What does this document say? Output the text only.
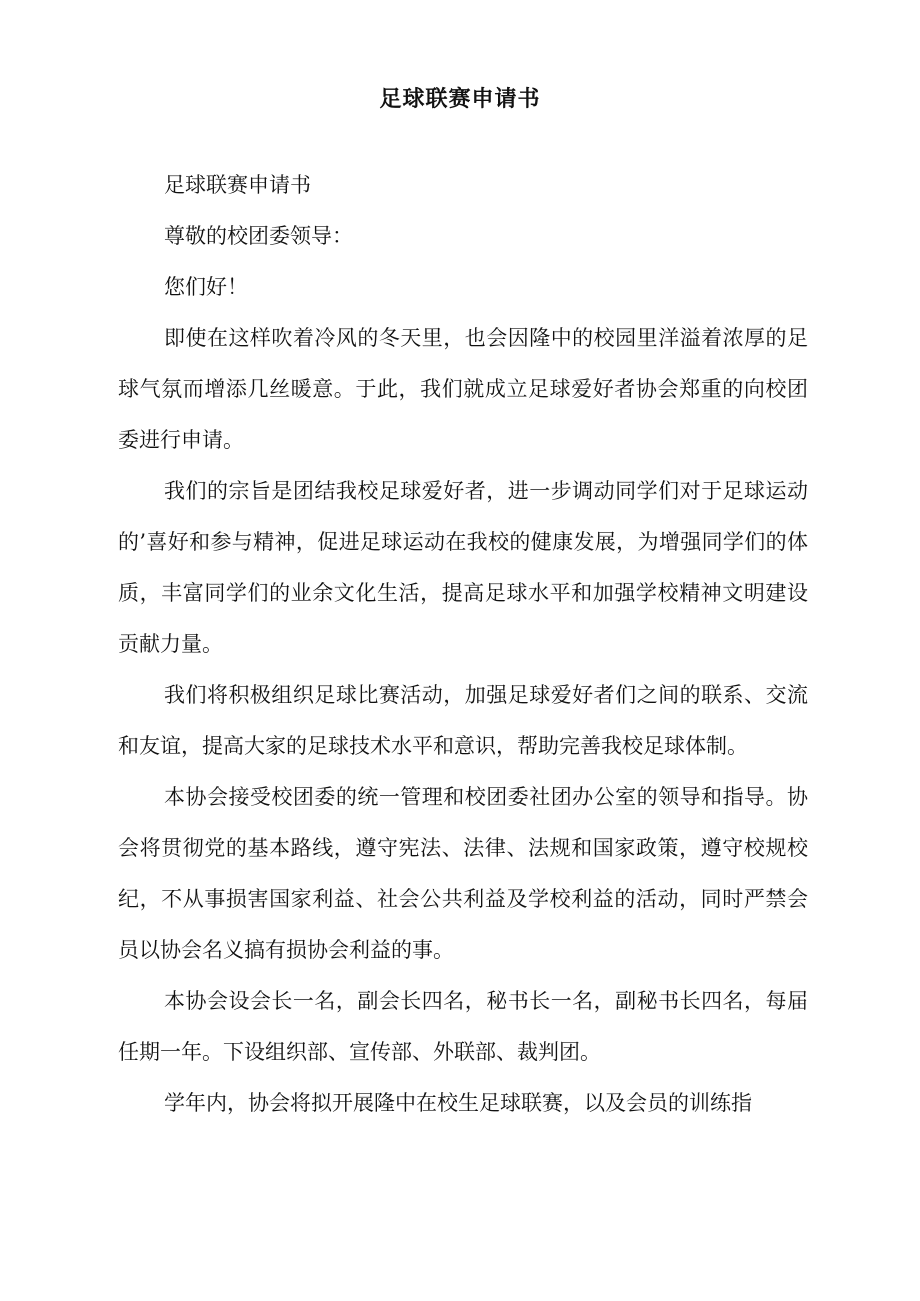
足球联赛申请书

足球联赛申请书

尊敬的校团委领导：

您们好！

即使在这样吹着冷风的冬天里，也会因隆中的校园里洋溢着浓厚的足球气氛而增添几丝暖意。于此，我们就成立足球爱好者协会郑重的向校团委进行申请。

我们的宗旨是团结我校足球爱好者，进一步调动同学们对于足球运动的’喜好和参与精神，促进足球运动在我校的健康发展，为增强同学们的体质，丰富同学们的业余文化生活，提高足球水平和加强学校精神文明建设贡献力量。

我们将积极组织足球比赛活动，加强足球爱好者们之间的联系、交流和友谊，提高大家的足球技术水平和意识，帮助完善我校足球体制。

本协会接受校团委的统一管理和校团委社团办公室的领导和指导。协会将贯彻党的基本路线，遵守宪法、法律、法规和国家政策，遵守校规校纪，不从事损害国家利益、社会公共利益及学校利益的活动，同时严禁会员以协会名义搞有损协会利益的事。

本协会设会长一名，副会长四名，秘书长一名，副秘书长四名，每届任期一年。下设组织部、宣传部、外联部、裁判团。

学年内，协会将拟开展隆中在校生足球联赛，以及会员的训练指
